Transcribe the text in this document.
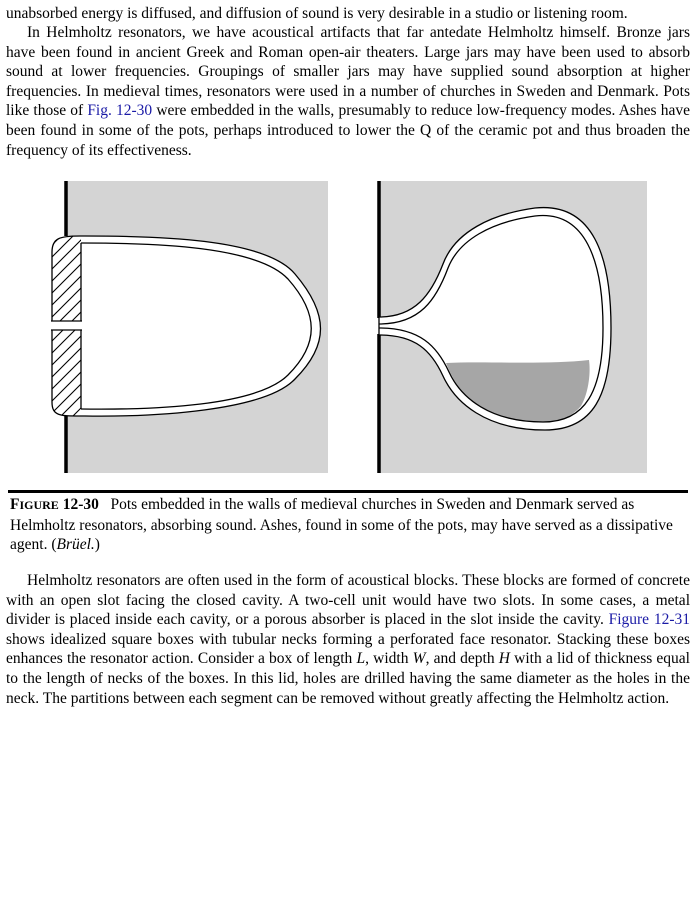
unabsorbed energy is diffused, and diffusion of sound is very desirable in a studio or listening room.

In Helmholtz resonators, we have acoustical artifacts that far antedate Helmholtz himself. Bronze jars have been found in ancient Greek and Roman open-air theaters. Large jars may have been used to absorb sound at lower frequencies. Groupings of smaller jars may have supplied sound absorption at higher frequencies. In medieval times, resonators were used in a number of churches in Sweden and Denmark. Pots like those of Fig. 12-30 were embedded in the walls, presumably to reduce low-frequency modes. Ashes have been found in some of the pots, perhaps introduced to lower the Q of the ceramic pot and thus broaden the frequency of its effectiveness.

FIGURE 12-30 Pots embedded in the walls of medieval churches in Sweden and Denmark served as Helmholtz resonators, absorbing sound. Ashes, found in some of the pots, may have served as a dissipative agent. (Brüel.)

Helmholtz resonators are often used in the form of acoustical blocks. These blocks are formed of concrete with an open slot facing the closed cavity. A two-cell unit would have two slots. In some cases, a metal divider is placed inside each cavity, or a porous absorber is placed in the slot inside the cavity. Figure 12-31 shows idealized square boxes with tubular necks forming a perforated face resonator. Stacking these boxes enhances the resonator action. Consider a box of length L, width W, and depth H with a lid of thickness equal to the length of necks of the boxes. In this lid, holes are drilled having the same diameter as the holes in the neck. The partitions between each segment can be removed without greatly affecting the Helmholtz action.
